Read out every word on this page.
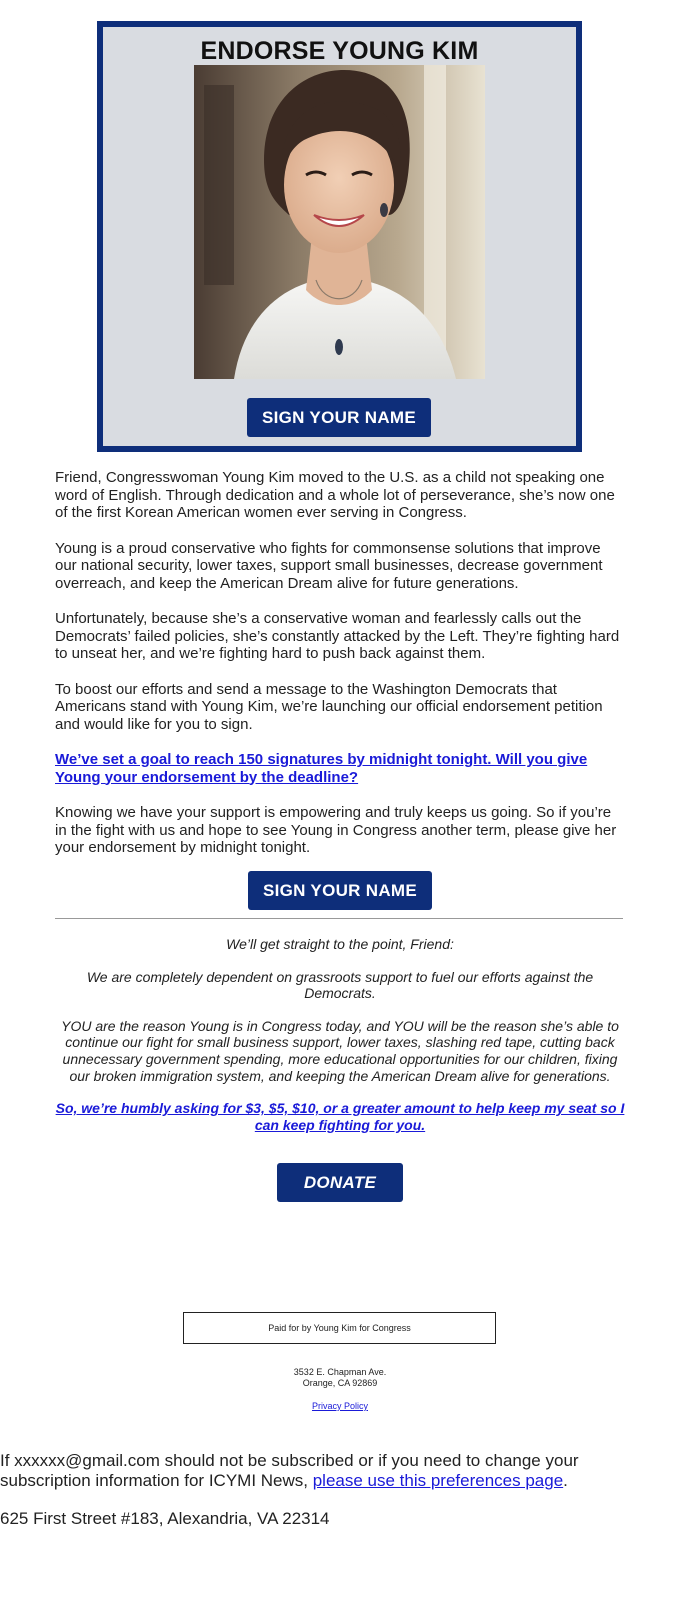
ENDORSE YOUNG KIM
SIGN YOUR NAME

Friend, Congresswoman Young Kim moved to the U.S. as a child not speaking one word of English. Through dedication and a whole lot of perseverance, she’s now one of the first Korean American women ever serving in Congress.

Young is a proud conservative who fights for commonsense solutions that improve our national security, lower taxes, support small businesses, decrease government overreach, and keep the American Dream alive for future generations.

Unfortunately, because she’s a conservative woman and fearlessly calls out the Democrats’ failed policies, she’s constantly attacked by the Left. They’re fighting hard to unseat her, and we’re fighting hard to push back against them.

To boost our efforts and send a message to the Washington Democrats that Americans stand with Young Kim, we’re launching our official endorsement petition and would like for you to sign.

We’ve set a goal to reach 150 signatures by midnight tonight. Will you give Young your endorsement by the deadline?

Knowing we have your support is empowering and truly keeps us going. So if you’re in the fight with us and hope to see Young in Congress another term, please give her your endorsement by midnight tonight.

SIGN YOUR NAME

We’ll get straight to the point, Friend:

We are completely dependent on grassroots support to fuel our efforts against the Democrats.

YOU are the reason Young is in Congress today, and YOU will be the reason she’s able to continue our fight for small business support, lower taxes, slashing red tape, cutting back unnecessary government spending, more educational opportunities for our children, fixing our broken immigration system, and keeping the American Dream alive for generations.

So, we’re humbly asking for $3, $5, $10, or a greater amount to help keep my seat so I can keep fighting for you.

DONATE
Paid for by Young Kim for Congress
3532 E. Chapman Ave.
Orange, CA 92869
Privacy Policy
If xxxxxx@gmail.com should not be subscribed or if you need to change your subscription information for ICYMI News, please use this preferences page.
625 First Street #183, Alexandria, VA 22314
